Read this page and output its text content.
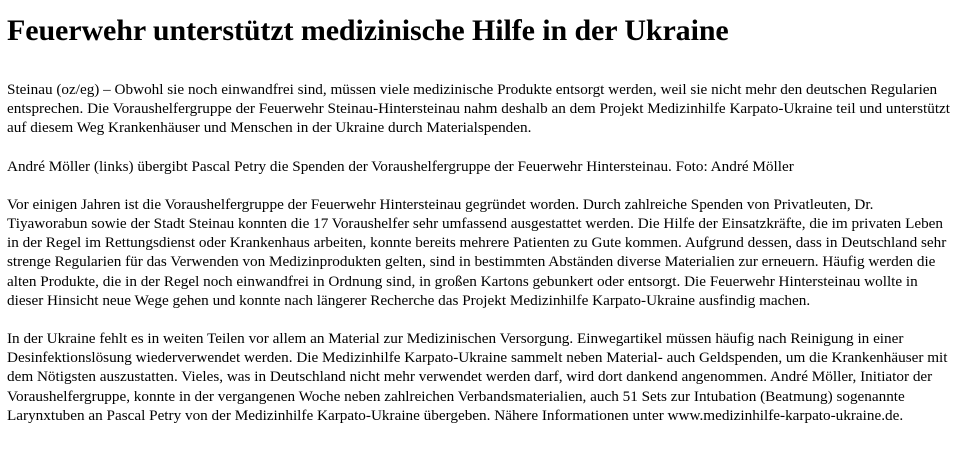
Feuerwehr unterstützt medizinische Hilfe in der Ukraine

Steinau (oz/eg) – Obwohl sie noch einwandfrei sind, müssen viele medizinische Produkte entsorgt werden, weil sie nicht mehr den deutschen Regularien entsprechen. Die Voraushelfergruppe der Feuerwehr Steinau-Hintersteinau nahm deshalb an dem Projekt Medizinhilfe Karpato-Ukraine teil und unterstützt auf diesem Weg Krankenhäuser und Menschen in der Ukraine durch Materialspenden.

André Möller (links) übergibt Pascal Petry die Spenden der Voraushelfergruppe der Feuerwehr Hintersteinau. Foto: André Möller

Vor einigen Jahren ist die Voraushelfergruppe der Feuerwehr Hintersteinau gegründet worden. Durch zahlreiche Spenden von Privatleuten, Dr. Tiyaworabun sowie der Stadt Steinau konnten die 17 Voraushelfer sehr umfassend ausgestattet werden. Die Hilfe der Einsatzkräfte, die im privaten Leben in der Regel im Rettungsdienst oder Krankenhaus arbeiten, konnte bereits mehrere Patienten zu Gute kommen. Aufgrund dessen, dass in Deutschland sehr strenge Regularien für das Verwenden von Medizinprodukten gelten, sind in bestimmten Abständen diverse Materialien zur erneuern. Häufig werden die alten Produkte, die in der Regel noch einwandfrei in Ordnung sind, in großen Kartons gebunkert oder entsorgt. Die Feuerwehr Hintersteinau wollte in dieser Hinsicht neue Wege gehen und konnte nach längerer Recherche das Projekt Medizinhilfe Karpato-Ukraine ausfindig machen.

In der Ukraine fehlt es in weiten Teilen vor allem an Material zur Medizinischen Versorgung. Einwegartikel müssen häufig nach Reinigung in einer Desinfektionslösung wiederverwendet werden. Die Medizinhilfe Karpato-Ukraine sammelt neben Material- auch Geldspenden, um die Krankenhäuser mit dem Nötigsten auszustatten. Vieles, was in Deutschland nicht mehr verwendet werden darf, wird dort dankend angenommen. André Möller, Initiator der Voraushelfergruppe, konnte in der vergangenen Woche neben zahlreichen Verbandsmaterialien, auch 51 Sets zur Intubation (Beatmung) sogenannte Larynxtuben an Pascal Petry von der Medizinhilfe Karpato-Ukraine übergeben. Nähere Informationen unter www.medizinhilfe-karpato-ukraine.de.
